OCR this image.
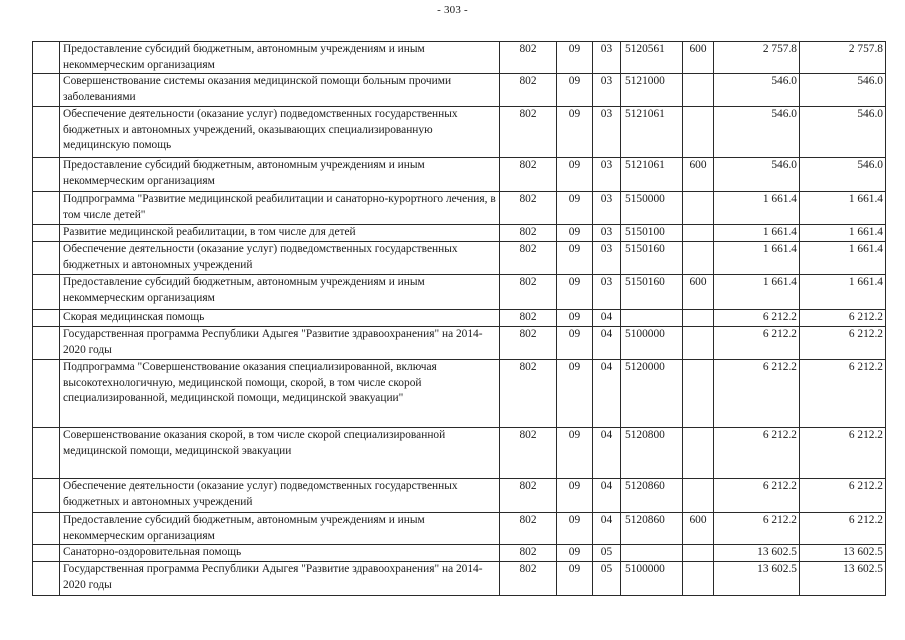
- 303 -
	Предоставление субсидий бюджетным, автономным учреждениям и иным некоммерческим организациям	802	09	03	5120561	600	2 757.8	2 757.8
	Совершенствование системы оказания медицинской помощи больным прочими заболеваниями	802	09	03	5121000		546.0	546.0
	Обеспечение деятельности (оказание услуг) подведомственных государственных бюджетных и автономных учреждений, оказывающих специализированную медицинскую помощь	802	09	03	5121061		546.0	546.0
	Предоставление субсидий бюджетным, автономным учреждениям и иным некоммерческим организациям	802	09	03	5121061	600	546.0	546.0
	Подпрограмма "Развитие медицинской реабилитации и санаторно-курортного лечения, в том числе детей"	802	09	03	5150000		1 661.4	1 661.4
	Развитие медицинской реабилитации, в том числе для детей	802	09	03	5150100		1 661.4	1 661.4
	Обеспечение деятельности (оказание услуг) подведомственных государственных бюджетных и автономных учреждений	802	09	03	5150160		1 661.4	1 661.4
	Предоставление субсидий бюджетным, автономным учреждениям и иным некоммерческим организациям	802	09	03	5150160	600	1 661.4	1 661.4
	Скорая медицинская помощь	802	09	04			6 212.2	6 212.2
	Государственная программа Республики Адыгея "Развитие здравоохранения" на 2014-2020 годы	802	09	04	5100000		6 212.2	6 212.2
	Подпрограмма "Совершенствование оказания специализированной, включая высокотехнологичную, медицинской помощи, скорой, в том числе скорой специализированной, медицинской помощи, медицинской эвакуации"	802	09	04	5120000		6 212.2	6 212.2
	Совершенствование оказания скорой, в том числе скорой специализированной медицинской помощи, медицинской эвакуации	802	09	04	5120800		6 212.2	6 212.2
	Обеспечение деятельности (оказание услуг) подведомственных государственных бюджетных и автономных учреждений	802	09	04	5120860		6 212.2	6 212.2
	Предоставление субсидий бюджетным, автономным учреждениям и иным некоммерческим организациям	802	09	04	5120860	600	6 212.2	6 212.2
	Санаторно-оздоровительная помощь	802	09	05			13 602.5	13 602.5
	Государственная программа Республики Адыгея "Развитие здравоохранения" на 2014-2020 годы	802	09	05	5100000		13 602.5	13 602.5
